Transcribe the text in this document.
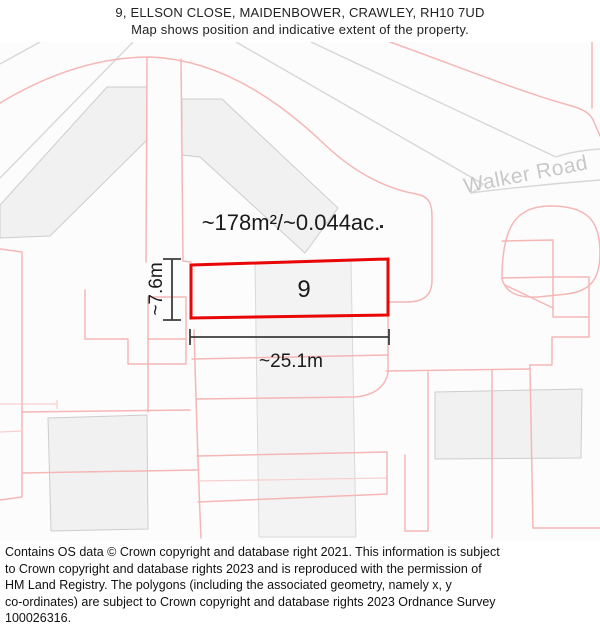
9, ELLSON CLOSE, MAIDENBOWER, CRAWLEY, RH10 7UD
Map shows position and indicative extent of the property.
Walker Road
~178m²/~0.044ac.
9
~25.1m
~7.6m
Contains OS data © Crown copyright and database right 2021. This information is subject
to Crown copyright and database rights 2023 and is reproduced with the permission of
HM Land Registry. The polygons (including the associated geometry, namely x, y
co-ordinates) are subject to Crown copyright and database rights 2023 Ordnance Survey
100026316.
